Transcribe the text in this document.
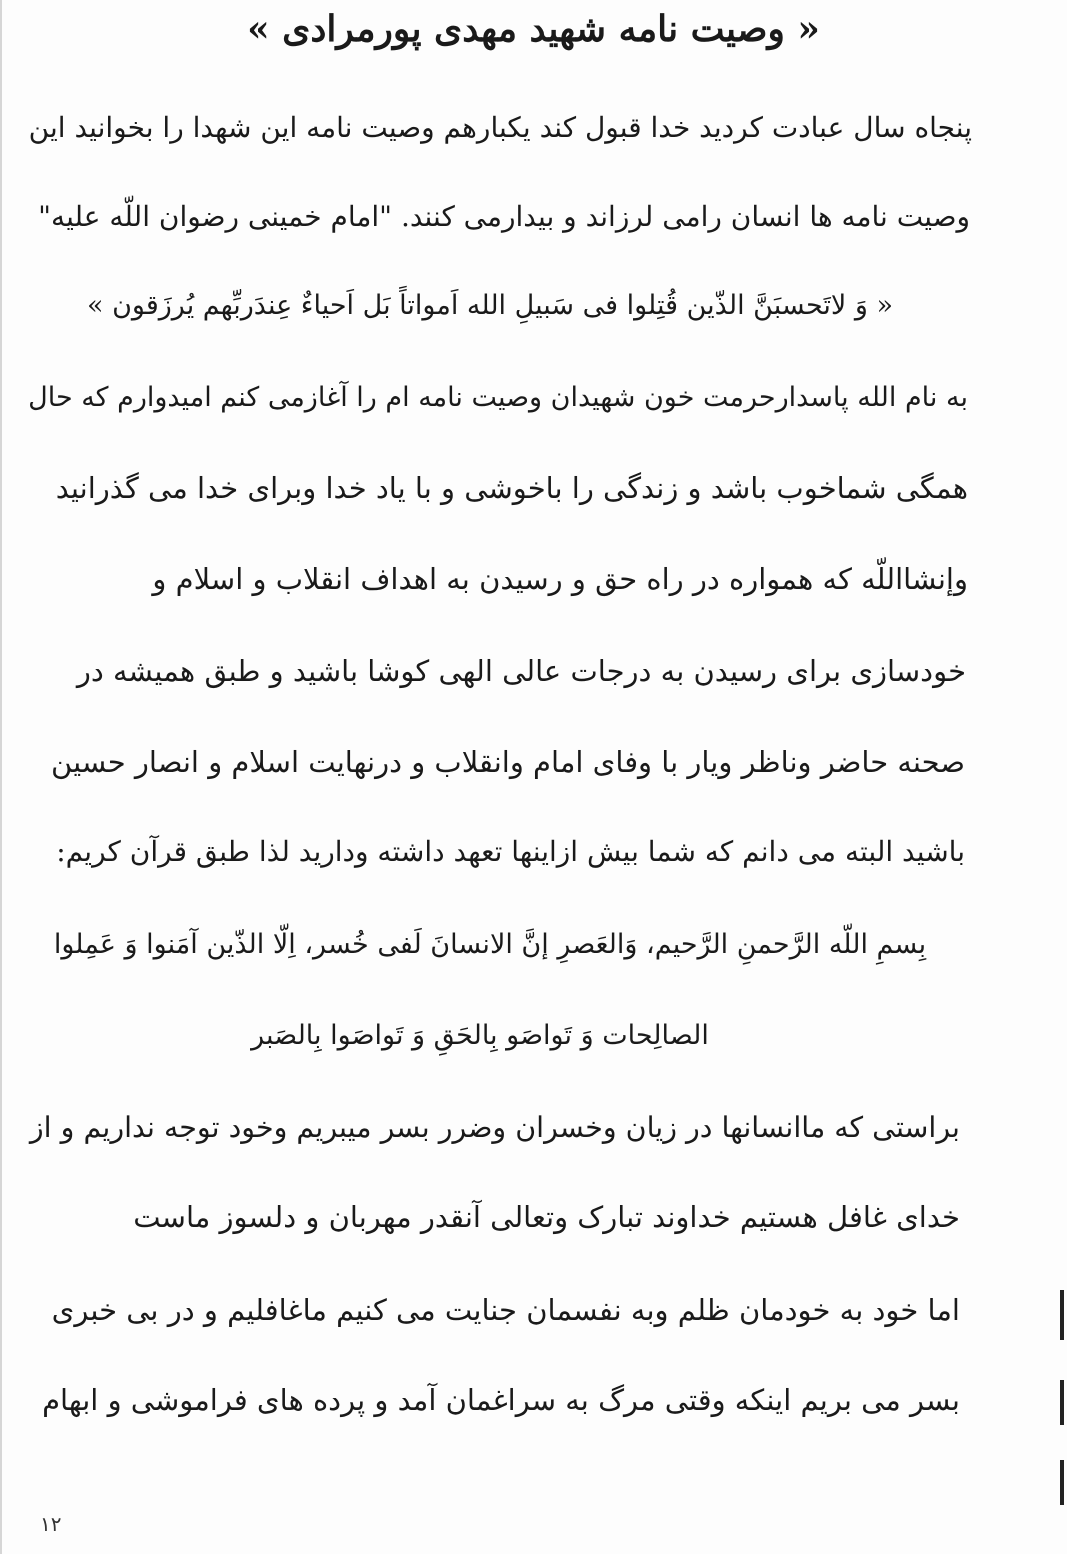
« وصیت نامه شهید مهدی پورمرادی »
پنجاه سال عبادت کردید خدا قبول کند یکبارهم وصیت نامه این شهدا را بخوانید این
وصیت نامه ها انسان رامی لرزاند و بیدارمی کنند. "امام خمینی رضوان اللّه علیه"
« وَ لاتَحسبَنَّ الذّین قُتِلوا فی سَبیلِ الله اَمواتاً بَل اَحیاءٌ عِندَربِّهم یُرزَقون »
به نام الله پاسدارحرمت خون شهیدان وصیت نامه ام را آغازمی کنم امیدوارم که حال
همگی شماخوب باشد و زندگی را باخوشی و با یاد خدا وبرای خدا می گذرانید
وإنشااللّه که همواره در راه حق و رسیدن به اهداف انقلاب و اسلام و
خودسازی برای رسیدن به درجات عالی الهی کوشا باشید و طبق همیشه در
صحنه حاضر وناظر ویار با وفای امام وانقلاب و درنهایت اسلام و انصار حسین
باشید البته می دانم که شما بیش ازاینها تعهد داشته وداريد لذا طبق قرآن كريم:
بِسمِ اللّه الرَّحمنِ الرَّحیم، وَالعَصرِ إنَّ الانسانَ لَفی خُسر، اِلّا الذّین آمَنوا وَ عَمِلوا
الصالِحات وَ تَواصَو بِالحَقِ وَ تَواصَوا بِالصَبر
براستی که ماانسانها در زیان وخسران وضرر بسر میبریم وخود توجه نداریم و از
خدای غافل هستیم خداوند تبارک وتعالی آنقدر مهربان و دلسوز ماست
اما خود به خودمان ظلم وبه نفسمان جنایت می کنیم ماغافلیم و در بی خبری
بسر می بریم اینکه وقتی مرگ به سراغمان آمد و پرده های فراموشی و ابهام
۱۲
